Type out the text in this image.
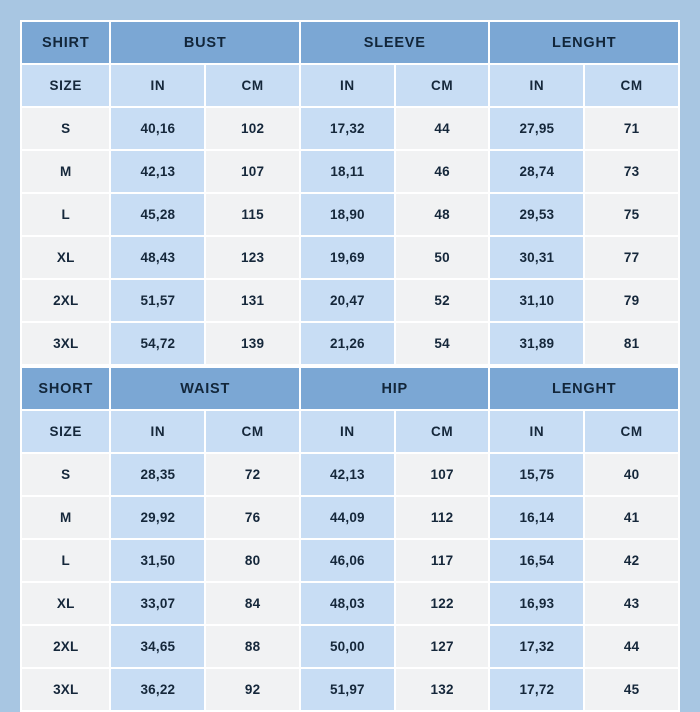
SHIRT	BUST		SLEEVE		LENGHT	
SIZE	IN	CM	IN	CM	IN	CM
S	40,16	102	17,32	44	27,95	71
M	42,13	107	18,11	46	28,74	73
L	45,28	115	18,90	48	29,53	75
XL	48,43	123	19,69	50	30,31	77
2XL	51,57	131	20,47	52	31,10	79
3XL	54,72	139	21,26	54	31,89	81
SHORT	WAIST		HIP		LENGHT	
SIZE	IN	CM	IN	CM	IN	CM
S	28,35	72	42,13	107	15,75	40
M	29,92	76	44,09	112	16,14	41
L	31,50	80	46,06	117	16,54	42
XL	33,07	84	48,03	122	16,93	43
2XL	34,65	88	50,00	127	17,32	44
3XL	36,22	92	51,97	132	17,72	45
